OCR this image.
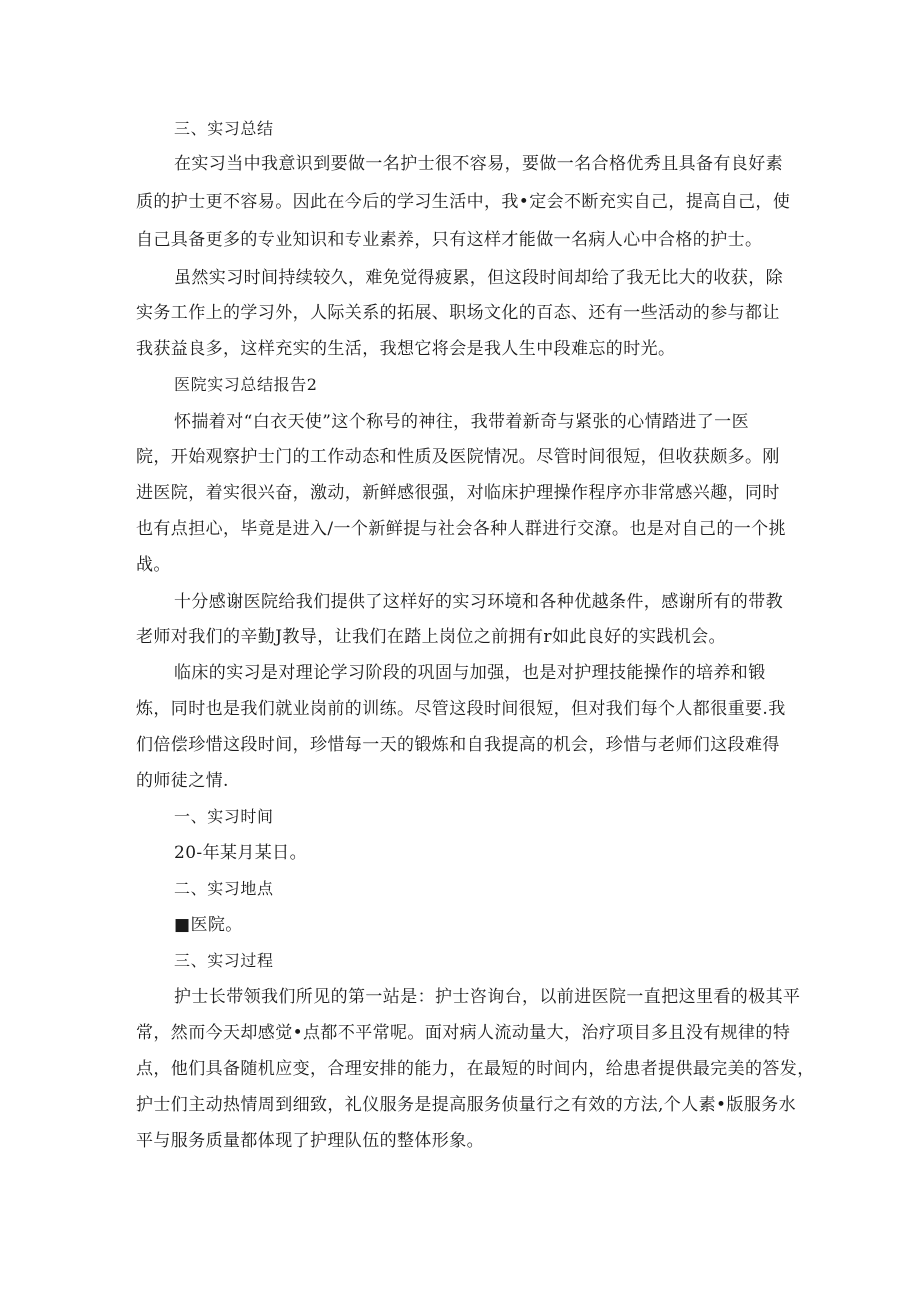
三、实习总结
在实习当中我意识到要做一名护士很不容易，要做一名合格优秀且具备有良好素
质的护士更不容易。因此在今后的学习生活中，我•定会不断充实自己，提高自己，使
自己具备更多的专业知识和专业素养，只有这样才能做一名病人心中合格的护士。
虽然实习时间持续较久，难免觉得疲累，但这段时间却给了我无比大的收获，除
实务工作上的学习外，人际关系的拓展、职场文化的百态、还有一些活动的参与都让
我获益良多，这样充实的生活，我想它将会是我人生中段难忘的时光。
医院实习总结报告2
怀揣着对“白衣天使”这个称号的神往，我带着新奇与紧张的心情踏进了一医
院，开始观察护士门的工作动态和性质及医院情况。尽管时间很短，但收获颇多。刚
进医院，着实很兴奋，激动，新鲜感很强，对临床护理操作程序亦非常感兴趣，同时
也有点担心，毕竟是进入/一个新鲜提与社会各种人群进行交潦。也是对自己的一个挑
战。
十分感谢医院给我们提供了这样好的实习环境和各种优越条件，感谢所有的带教
老师对我们的辛勤J教导，让我们在踏上岗位之前拥有r如此良好的实践机会。
临床的实习是对理论学习阶段的巩固与加强，也是对护理技能操作的培养和锻
炼，同时也是我们就业岗前的训练。尽管这段时间很短，但对我们每个人都很重要.我
们倍偿珍惜这段时间，珍惜每一天的锻炼和自我提高的机会，珍惜与老师们这段难得
的师徒之情.
一、实习时间
20-年某月某日。
二、实习地点
■医院。
三、实习过程
护士长带领我们所见的第一站是：护士咨询台，以前进医院一直把这里看的极其平
常，然而今天却感觉•点都不平常呢。面对病人流动量大，治疗项目多且没有规律的特
点，他们具备随机应变，合理安排的能力，在最短的时间内，给患者提供最完美的答发，
护士们主动热情周到细致，礼仪服务是提高服务侦量行之有效的方法,个人素•版服务水
平与服务质量都体现了护理队伍的整体形象。
